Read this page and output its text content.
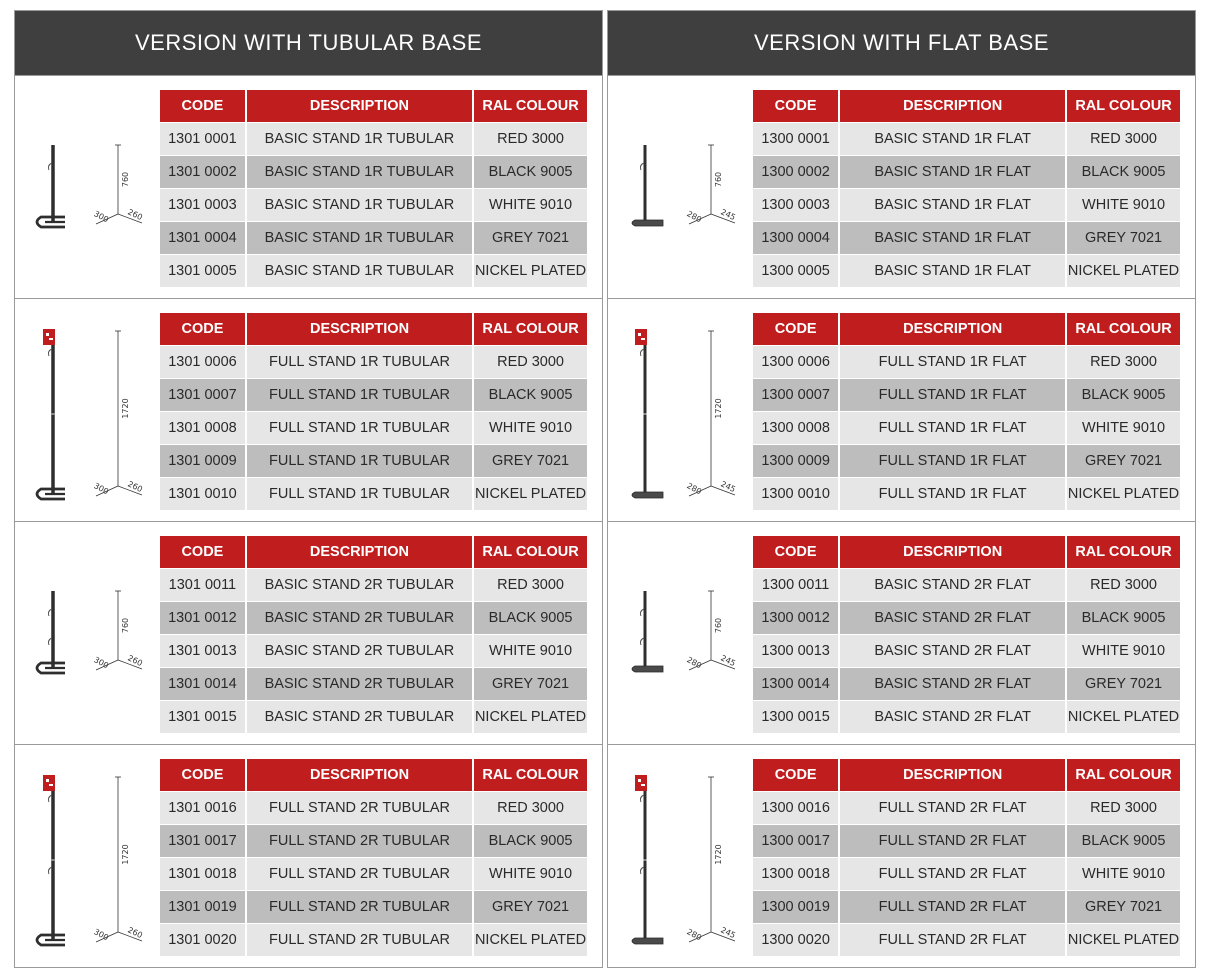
VERSION WITH TUBULAR BASE
760
300 260
CODE	DESCRIPTION	RAL COLOUR
1301 0001	BASIC STAND 1R TUBULAR	RED 3000
1301 0002	BASIC STAND 1R TUBULAR	BLACK 9005
1301 0003	BASIC STAND 1R TUBULAR	WHITE 9010
1301 0004	BASIC STAND 1R TUBULAR	GREY 7021
1301 0005	BASIC STAND 1R TUBULAR	NICKEL PLATED
1720
300 260
CODE	DESCRIPTION	RAL COLOUR
1301 0006	FULL STAND 1R TUBULAR	RED 3000
1301 0007	FULL STAND 1R TUBULAR	BLACK 9005
1301 0008	FULL STAND 1R TUBULAR	WHITE 9010
1301 0009	FULL STAND 1R TUBULAR	GREY 7021
1301 0010	FULL STAND 1R TUBULAR	NICKEL PLATED
760
300 260
CODE	DESCRIPTION	RAL COLOUR
1301 0011	BASIC STAND 2R TUBULAR	RED 3000
1301 0012	BASIC STAND 2R TUBULAR	BLACK 9005
1301 0013	BASIC STAND 2R TUBULAR	WHITE 9010
1301 0014	BASIC STAND 2R TUBULAR	GREY 7021
1301 0015	BASIC STAND 2R TUBULAR	NICKEL PLATED
1720
300 260
CODE	DESCRIPTION	RAL COLOUR
1301 0016	FULL STAND 2R TUBULAR	RED 3000
1301 0017	FULL STAND 2R TUBULAR	BLACK 9005
1301 0018	FULL STAND 2R TUBULAR	WHITE 9010
1301 0019	FULL STAND 2R TUBULAR	GREY 7021
1301 0020	FULL STAND 2R TUBULAR	NICKEL PLATED
VERSION WITH FLAT BASE
760
280 245
CODE	DESCRIPTION	RAL COLOUR
1300 0001	BASIC STAND 1R FLAT	RED 3000
1300 0002	BASIC STAND 1R FLAT	BLACK 9005
1300 0003	BASIC STAND 1R FLAT	WHITE 9010
1300 0004	BASIC STAND 1R FLAT	GREY 7021
1300 0005	BASIC STAND 1R FLAT	NICKEL PLATED
1720
280 245
CODE	DESCRIPTION	RAL COLOUR
1300 0006	FULL STAND 1R FLAT	RED 3000
1300 0007	FULL STAND 1R FLAT	BLACK 9005
1300 0008	FULL STAND 1R FLAT	WHITE 9010
1300 0009	FULL STAND 1R FLAT	GREY 7021
1300 0010	FULL STAND 1R FLAT	NICKEL PLATED
760
280 245
CODE	DESCRIPTION	RAL COLOUR
1300 0011	BASIC STAND 2R FLAT	RED 3000
1300 0012	BASIC STAND 2R FLAT	BLACK 9005
1300 0013	BASIC STAND 2R FLAT	WHITE 9010
1300 0014	BASIC STAND 2R FLAT	GREY 7021
1300 0015	BASIC STAND 2R FLAT	NICKEL PLATED
1720
280 245
CODE	DESCRIPTION	RAL COLOUR
1300 0016	FULL STAND 2R FLAT	RED 3000
1300 0017	FULL STAND 2R FLAT	BLACK 9005
1300 0018	FULL STAND 2R FLAT	WHITE 9010
1300 0019	FULL STAND 2R FLAT	GREY 7021
1300 0020	FULL STAND 2R FLAT	NICKEL PLATED
